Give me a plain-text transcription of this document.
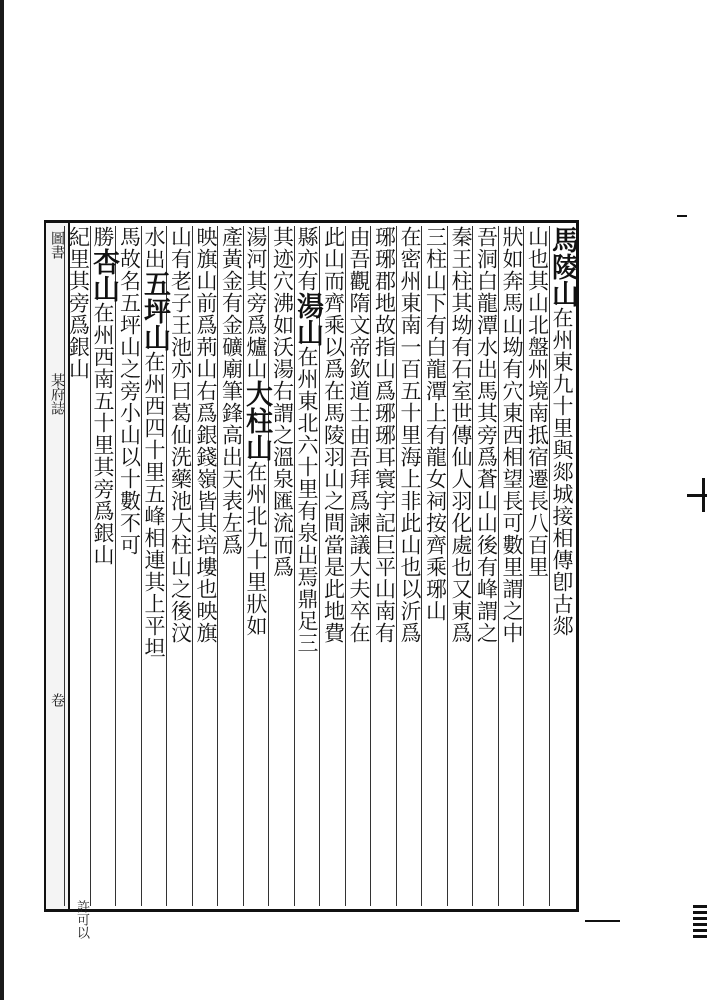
圖書
某府誌
卷
馬陵山在州東九十里與郯城接相傳卽古郯
山也其山北盤州境南抵宿遷長八百里
狀如奔馬山坳有穴東西相望長可數里謂之中
吾洞白龍潭水出馬其旁爲蒼山山後有峰謂之
秦王柱其坳有石室世傳仙人羽化處也又東爲
三柱山下有白龍潭上有龍女祠按齊乘琊山
在密州東南一百五十里海上非此山也以沂爲
琊琊郡地故指山爲琊琊耳寰宇記巨平山南有
由吾觀隋文帝欽道士由吾拜爲諫議大夫卒在
此山而齊乘以爲在馬陵羽山之間當是此地費
縣亦有湯山在州東北六十里有泉出焉鼎足三
其迹穴沸如沃湯右謂之溫泉匯流而爲
湯河其旁爲爐山大柱山在州北九十里狀如
產黃金有金礦廟筆鋒高出天表左爲
映旗山前爲荊山右爲銀錢嶺皆其培塿也映旗
山有老子王池亦曰葛仙洗藥池大柱山之後汶
水出五坪山在州西四十里五峰相連其上平坦
馬故名五坪山之旁小山以十數不可
勝杏山在州西南五十里其旁爲銀山
紀里其旁爲銀山
許可以
